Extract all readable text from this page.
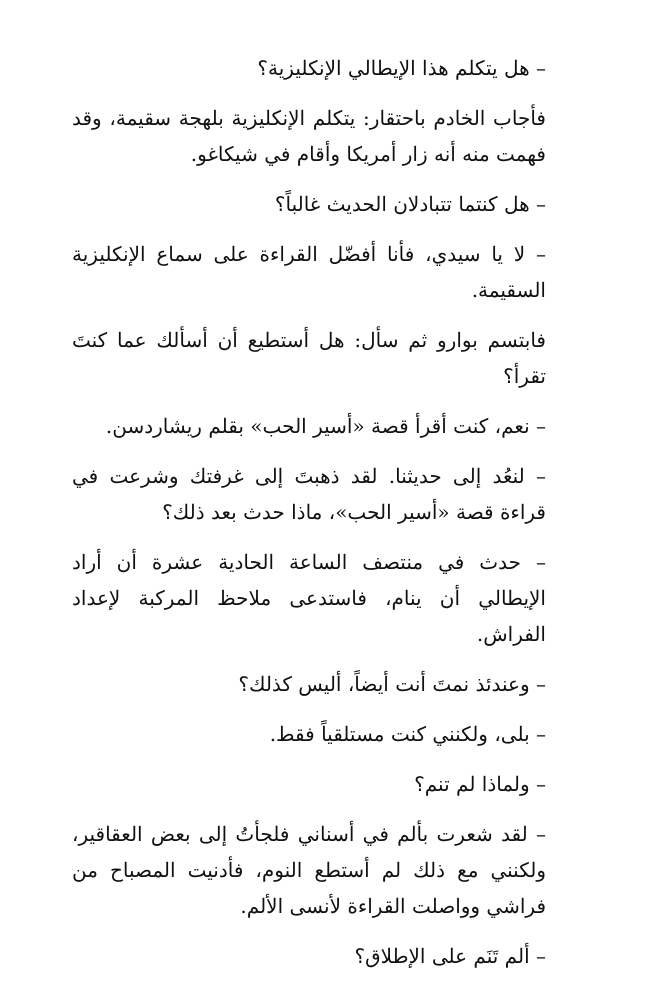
– هل يتكلم هذا الإيطالي الإنكليزية؟

فأجاب الخادم باحتقار: يتكلم الإنكليزية بلهجة سقيمة، وقد فهمت منه أنه زار أمريكا وأقام في شيكاغو.

– هل كنتما تتبادلان الحديث غالباً؟

– لا يا سيدي، فأنا أفضّل القراءة على سماع الإنكليزية السقيمة.

فابتسم بوارو ثم سأل: هل أستطيع أن أسألك عما كنتَ تقرأ؟

– نعم، كنت أقرأ قصة «أسير الحب» بقلم ريشاردسن.

– لنعُد إلى حديثنا. لقد ذهبتَ إلى غرفتك وشرعت في قراءة قصة «أسير الحب»، ماذا حدث بعد ذلك؟

– حدث في منتصف الساعة الحادية عشرة أن أراد الإيطالي أن ينام، فاستدعى ملاحظ المركبة لإعداد الفراش.

– وعندئذ نمتَ أنت أيضاً، أليس كذلك؟

– بلى، ولكنني كنت مستلقياً فقط.

– ولماذا لم تنم؟

– لقد شعرت بألم في أسناني فلجأتُ إلى بعض العقاقير، ولكنني مع ذلك لم أستطع النوم، فأدنيت المصباح من فراشي وواصلت القراءة لأنسى الألم.

– ألم تَنَم على الإطلاق؟
